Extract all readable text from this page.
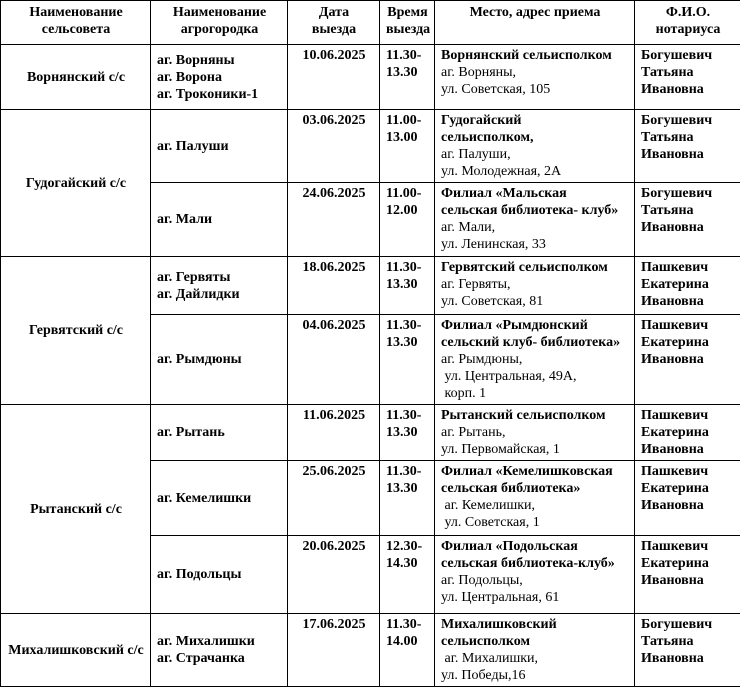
Наименование
сельсовета	Наименование
агрогородка	Дата
выезда	Время
выезда	Место, адрес приема	Ф.И.О.
нотариуса

Ворнянский с/с	аг. Ворняны
аг. Ворона
аг. Троконики-1	10.06.2025	11.30-
13.30	Ворнянский сельисполком
аг. Ворняны,
ул. Советская, 105	Богушевич
Татьяна
Ивановна

Гудогайский с/с	аг. Палуши	03.06.2025	11.00-
13.00	Гудогайский
сельисполком,
аг. Палуши,
ул. Молодежная, 2А	Богушевич
Татьяна
Ивановна

	аг. Мали	24.06.2025	11.00-
12.00	Филиал «Мальская
сельская библиотека- клуб»
аг. Мали,
ул. Ленинская, 33	Богушевич
Татьяна
Ивановна

Гервятский с/с	аг. Гервяты
аг. Дайлидки	18.06.2025	11.30-
13.30	Гервятский сельисполком
аг. Гервяты,
ул. Советская, 81	Пашкевич
Екатерина
Ивановна

	аг. Рымдюны	04.06.2025	11.30-
13.30	Филиал «Рымдюнский
сельский клуб- библиотека»
аг. Рымдюны,
ул. Центральная, 49А,
корп. 1	Пашкевич
Екатерина
Ивановна

Рытанский с/с	аг. Рытань	11.06.2025	11.30-
13.30	Рытанский сельисполком
аг. Рытань,
ул. Первомайская, 1	Пашкевич
Екатерина
Ивановна

	аг. Кемелишки	25.06.2025	11.30-
13.30	Филиал «Кемелишковская
сельская библиотека»
аг. Кемелишки,
ул. Советская, 1	Пашкевич
Екатерина
Ивановна

	аг. Подольцы	20.06.2025	12.30-
14.30	Филиал «Подольская
сельская библиотека-клуб»
аг. Подольцы,
ул. Центральная, 61	Пашкевич
Екатерина
Ивановна

Михалишковский с/с	аг. Михалишки
аг. Страчанка	17.06.2025	11.30-
14.00	Михалишковский
сельисполком
аг. Михалишки,
ул. Победы,16	Богушевич
Татьяна
Ивановна
